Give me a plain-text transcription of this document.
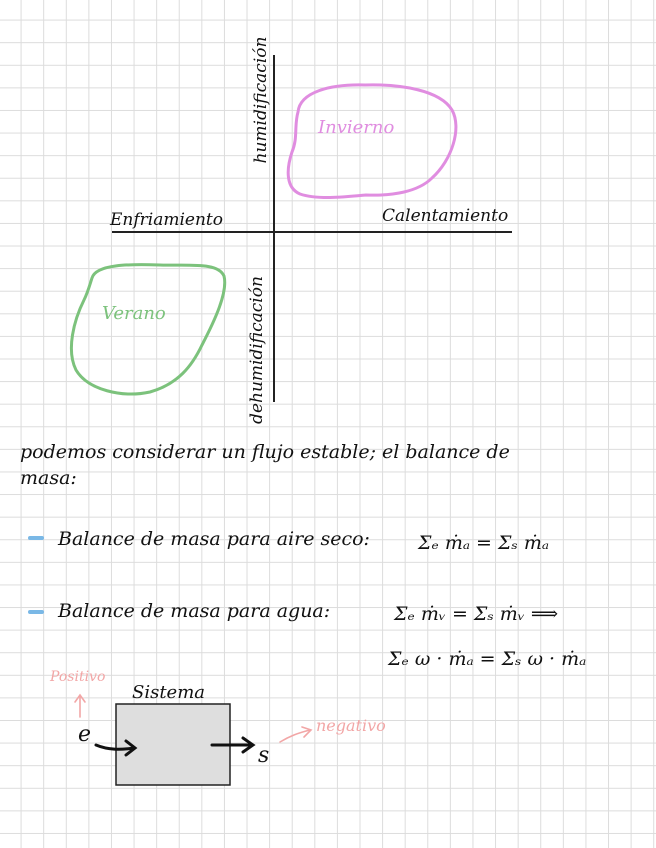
humidificación
dehumidificación
Enfriamiento	Calentamiento
Invierno
Verano
podemos considerar un flujo estable; el balance de
masa:
Balance de masa para aire seco:	Σₑ ṁₐ = Σₛ ṁₐ
Balance de masa para agua:	Σₑ ṁᵥ = Σₛ ṁᵥ ⟹
Σₑ ω · ṁₐ = Σₛ ω · ṁₐ
Sistema
e
s
Positivo
negativo
